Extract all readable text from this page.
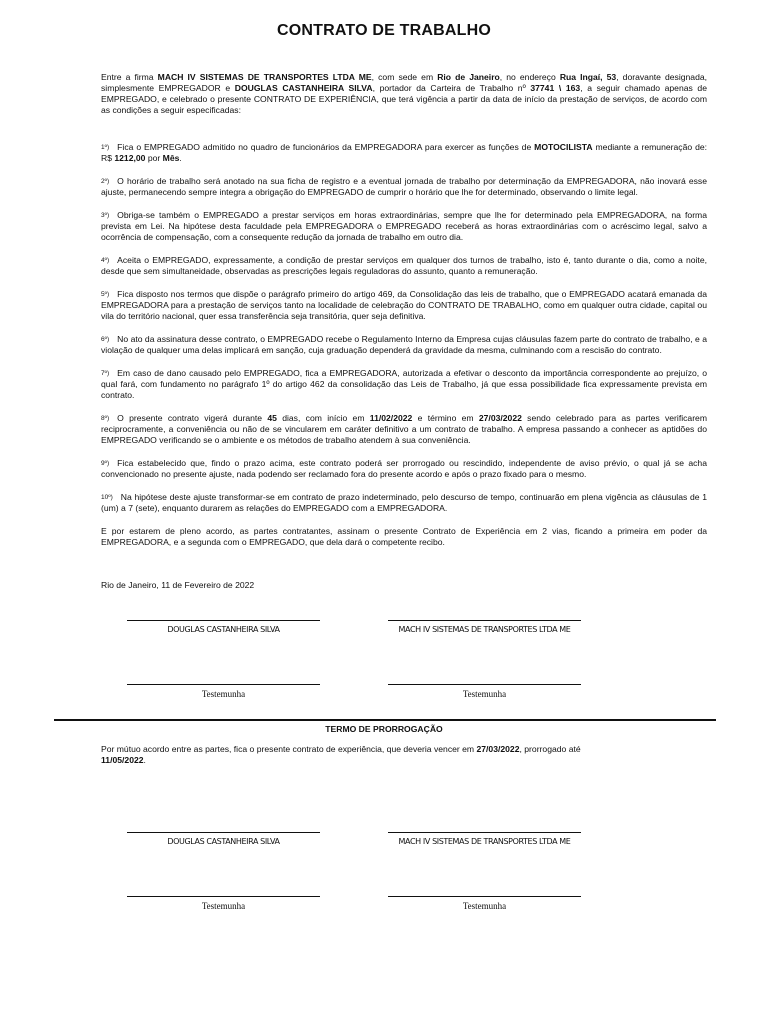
CONTRATO DE TRABALHO

Entre a firma MACH IV SISTEMAS DE TRANSPORTES LTDA ME, com sede em Rio de Janeiro, no endereço Rua Ingaí, 53, doravante designada, simplesmente EMPREGADOR e DOUGLAS CASTANHEIRA SILVA, portador da Carteira de Trabalho nº 37741 \ 163, a seguir chamado apenas de EMPREGADO, e celebrado o presente CONTRATO DE EXPERIÊNCIA, que terá vigência a partir da data de início da prestação de serviços, de acordo com as condições a seguir especificadas:

1º) Fica o EMPREGADO admitido no quadro de funcionários da EMPREGADORA para exercer as funções de MOTOCILISTA mediante a remuneração de: R$ 1212,00 por Mês.

2º) O horário de trabalho será anotado na sua ficha de registro e a eventual jornada de trabalho por determinação da EMPREGADORA, não inovará esse ajuste, permanecendo sempre integra a obrigação do EMPREGADO de cumprir o horário que lhe for determinado, observando o limite legal.

3º) Obriga-se também o EMPREGADO a prestar serviços em horas extraordinárias, sempre que lhe for determinado pela EMPREGADORA, na forma prevista em Lei. Na hipótese desta faculdade pela EMPREGADORA o EMPREGADO receberá as horas extraordinárias com o acréscimo legal, salvo a ocorrência de compensação, com a consequente redução da jornada de trabalho em outro dia.

4º) Aceita o EMPREGADO, expressamente, a condição de prestar serviços em qualquer dos turnos de trabalho, isto é, tanto durante o dia, como a noite, desde que sem simultaneidade, observadas as prescrições legais reguladoras do assunto, quanto a remuneração.

5º) Fica disposto nos termos que dispõe o parágrafo primeiro do artigo 469, da Consolidação das leis de trabalho, que o EMPREGADO acatará emanada da EMPREGADORA para a prestação de serviços tanto na localidade de celebração do CONTRATO DE TRABALHO, como em qualquer outra cidade, capital ou vila do território nacional, quer essa transferência seja transitória, quer seja definitiva.

6º) No ato da assinatura desse contrato, o EMPREGADO recebe o Regulamento Interno da Empresa cujas cláusulas fazem parte do contrato de trabalho, e a violação de qualquer uma delas implicará em sanção, cuja graduação dependerá da gravidade da mesma, culminando com a rescisão do contrato.

7º) Em caso de dano causado pelo EMPREGADO, fica a EMPREGADORA, autorizada a efetivar o desconto da importância correspondente ao prejuízo, o qual fará, com fundamento no parágrafo 1º do artigo 462 da consolidação das Leis de Trabalho, já que essa possibilidade fica expressamente prevista em contrato.

8º) O presente contrato vigerá durante 45 dias, com início em 11/02/2022 e término em 27/03/2022 sendo celebrado para as partes verificarem reciprocramente, a conveniência ou não de se vincularem em caráter definitivo a um contrato de trabalho. A empresa passando a conhecer as aptidões do EMPREGADO verificando se o ambiente e os métodos de trabalho atendem à sua conveniência.

9º) Fica estabelecido que, findo o prazo acima, este contrato poderá ser prorrogado ou rescindido, independente de aviso prévio, o qual já se acha convencionado no presente ajuste, nada podendo ser reclamado fora do presente acordo e após o prazo fixado para o mesmo.

10º) Na hipótese deste ajuste transformar-se em contrato de prazo indeterminado, pelo descurso de tempo, continuarão em plena vigência as cláusulas de 1 (um) a 7 (sete), enquanto durarem as relações do EMPREGADO com a EMPREGADORA.

E por estarem de pleno acordo, as partes contratantes, assinam o presente Contrato de Experiência em 2 vias, ficando a primeira em poder da EMPREGADORA, e a segunda com o EMPREGADO, que dela dará o competente recibo.

Rio de Janeiro, 11 de Fevereiro de 2022
DOUGLAS CASTANHEIRA SILVA	MACH IV SISTEMAS DE TRANSPORTES LTDA ME
Testemunha	Testemunha
TERMO DE PRORROGAÇÃO
Por mútuo acordo entre as partes, fica o presente contrato de experiência, que deveria vencer em 27/03/2022, prorrogado até 11/05/2022.
DOUGLAS CASTANHEIRA SILVA	MACH IV SISTEMAS DE TRANSPORTES LTDA ME
Testemunha	Testemunha
